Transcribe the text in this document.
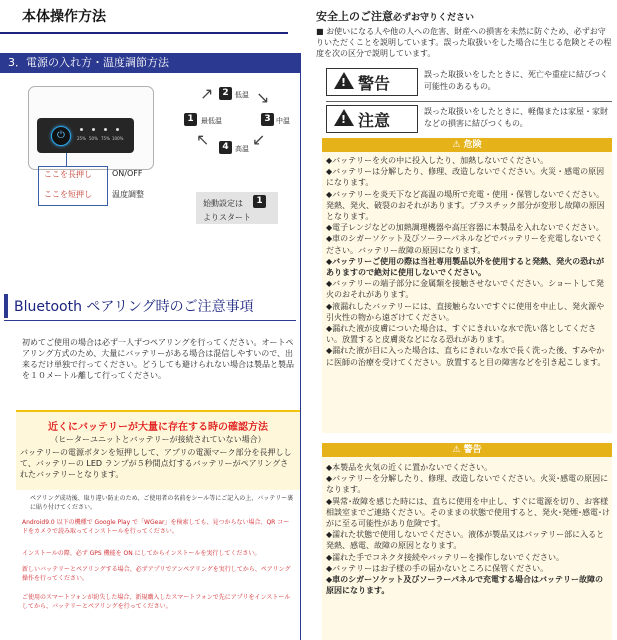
本体操作方法
3．電源の入れ方・温度調節方法
⏻	25% 50% 75% 100%
ここを長押し	ON/OFF
ここを短押し	温度調整
↗	↘
↙
↖
2 低温
1	最低温	3 中温
4 高温
始動設定は	1
よりスタート
Bluetooth ペアリング時のご注意事項
初めてご使用の場合は必ず一人ずつペアリングを行ってください。オートペアリング方式のため、大量にバッテリーがある場合は混信しやすいので、出来るだけ単独で行ってください。どうしても避けられない場合は製品と製品を１０メートル離して行ってください。
近くにバッテリーが大量に存在する時の確認方法
（ヒーターユニットとバッテリーが接続されていない場合）
バッテリーの電源ボタンを短押しして、アプリの電源マーク部分を長押しして、バッテリーの LED ランプが５秒間点灯するバッテリーがペアリングされたバッテリーとなります。
ペアリング成功後、取り違い防止のため、ご使用者の名前をシール等にご記入の上、バッテリー裏に貼り付けてください。
Android9.0 以下の機種で Google Play で「WGear」を検索しても、見つからない場合、QR コードをカメラで読み取ってインストールを行ってください。
インストールの際、必ず GPS 機能を ON にしてからインストールを実行してください。
新しいバッテリーとペアリングする場合、必ずアプリでアンペアリングを実行してから、ペアリング操作を行ってください。
ご使用のスマートフォンが紛失した場合、新規購入したスマートフォンで先にアプリをインストールしてから、バッテリーとペアリングを行ってください。
安全上のご注意必ずお守りください
■ お使いになる人や他の人への危害、財産への損害を未然に防ぐため、必ずお守りいただくことを説明しています。誤った取扱いをした場合に生じる危険とその程度を次の区分で説明しています。
! 警告	誤った取扱いをしたときに、死亡や重症に結びつく可能性のあるもの。
! 注意	誤った取扱いをしたときに、軽傷または家屋・家財などの損害に結びつくもの。
⚠ 危険
◆バッテリーを火の中に投入したり、加熱しないでください。
◆バッテリーは分解したり、修理、改造しないでください。火災・感電の原因になります。
◆バッテリーを炎天下など高温の場所で充電・使用・保管しないでください。発熱、発火、破裂のおそれがあります。プラスチック部分が変形し故障の原因となります。
◆電子レンジなどの加熱調理機器や高圧容器に本製品を入れないでください。
◆車のシガーソケット及びソーラーパネルなどでバッテリーを充電しないでください。バッテリー故障の原因になります。
◆バッテリーご使用の際は当社専用製品以外を使用すると発熱、発火の恐れがありますので絶対に使用しないでください。
◆バッテリーの端子部分に金属類を接触させないでください。ショートして発火のおそれがあります。
◆液漏れしたバッテリーには、直接触らないですぐに使用を中止し、発火源や引火性の物から遠ざけてください。
◆漏れた液が皮膚についた場合は、すぐにきれいな水で洗い落としてください。放置すると皮膚炎などになる恐れがあります。
◆漏れた液が目に入った場合は、直ちにきれいな水で長く洗った後、すみやかに医師の治療を受けてください。放置すると目の障害などを引き起こします。
⚠ 警告
◆本製品を火気の近くに置かないでください。
◆バッテリーを分解したり、修理、改造しないでください。火災･感電の原因になります。
◆異常･故障を感じた時には、直ちに使用を中止し、すぐに電源を切り、お客様相談室までご連絡ください。そのままの状態で使用すると、発火･発煙･感電･けがに至る可能性があり危険です。
◆濡れた状態で使用しないでください。液体が製品又はバッテリー部に入ると発熱、感電、故障の原因となります。
◆濡れた手でコネクタ接続やバッテリーを操作しないでください。
◆バッテリーはお子様の手の届かないところに保管ください。
◆車のシガーソケット及びソーラーパネルで充電する場合はバッテリー故障の原因になります。
